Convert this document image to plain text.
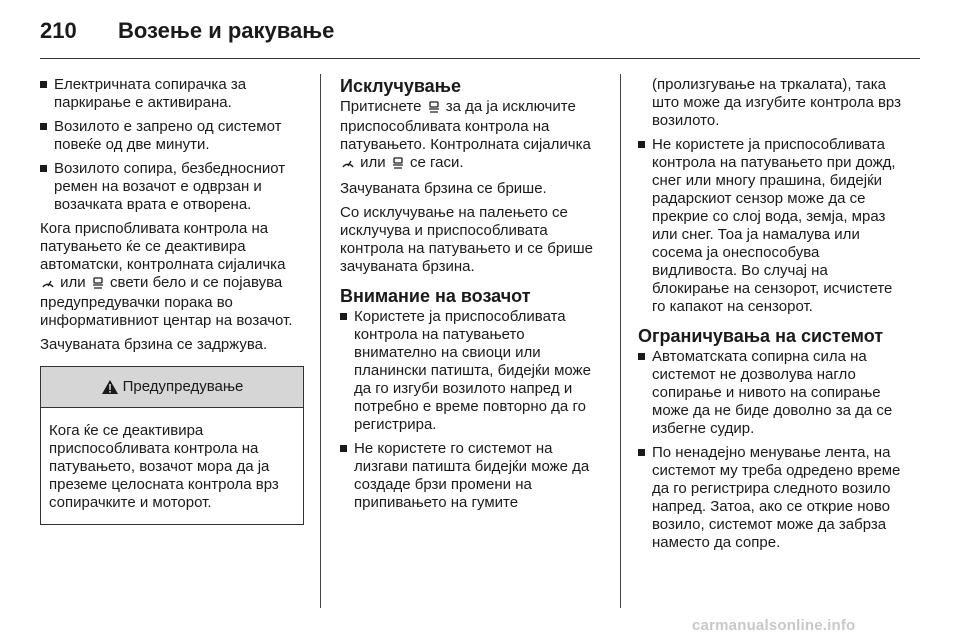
210	Возење и ракување
Електричната сопирачка за паркирање е активирана.
Возилото е запрено од системот повеќе од две минути.
Возилото сопира, безбедносниот ремен на возачот е одврзан и возачката врата е отворена.
Кога приспобливата контрола на патувањето ќе се деактивира автоматски, контролната сијаличка  или свети бело и се појавува предупредувачки порака во информативниот центар на возачот.
Зачуваната брзина се задржува.
Предупредување
Кога ќе се деактивира приспособливата контрола на патувањето, возачот мора да ја преземе целосната контрола врз сопирачките и моторот.
Исклучување
Притиснете за да ја исключите приспособливата контрола на патувањето. Контролната сијаличка  или се гаси.
Зачуваната брзина се брише.
Со исклучување на палењето се исклучува и приспособливата контрола на патувањето и се брише зачуваната брзина.
Внимание на возачот
Користете ја приспособливата контрола на патувањето внимателно на свиоци или планински патишта, бидејќи може да го изгуби возилото напред и потребно е време повторно да го регистрира.
Не користете го системот на лизгави патишта бидејќи може да создаде брзи промени на припивањето на гумите
(пролизгување на тркалата), така што може да изгубите контрола врз возилото.
Не користете ја приспособливата контрола на патувањето при дожд, снег или многу прашина, бидејќи радарскиот сензор може да се прекрие со слој вода, земја, мраз или снег. Тоа ја намалува или сосема ја онеспособува видливоста. Во случај на блокирање на сензорот, исчистете го капакот на сензорот.
Ограничувања на системот
Автоматската сопирна сила на системот не дозволува нагло сопирање и нивото на сопирање може да не биде доволно за да се избегне судир.
По ненадејно менување лента, на системот му треба одредено време да го регистрира следното возило напред. Затоа, ако се открие ново возило, системот може да забрза наместо да сопре.
carmanualsonline.info
